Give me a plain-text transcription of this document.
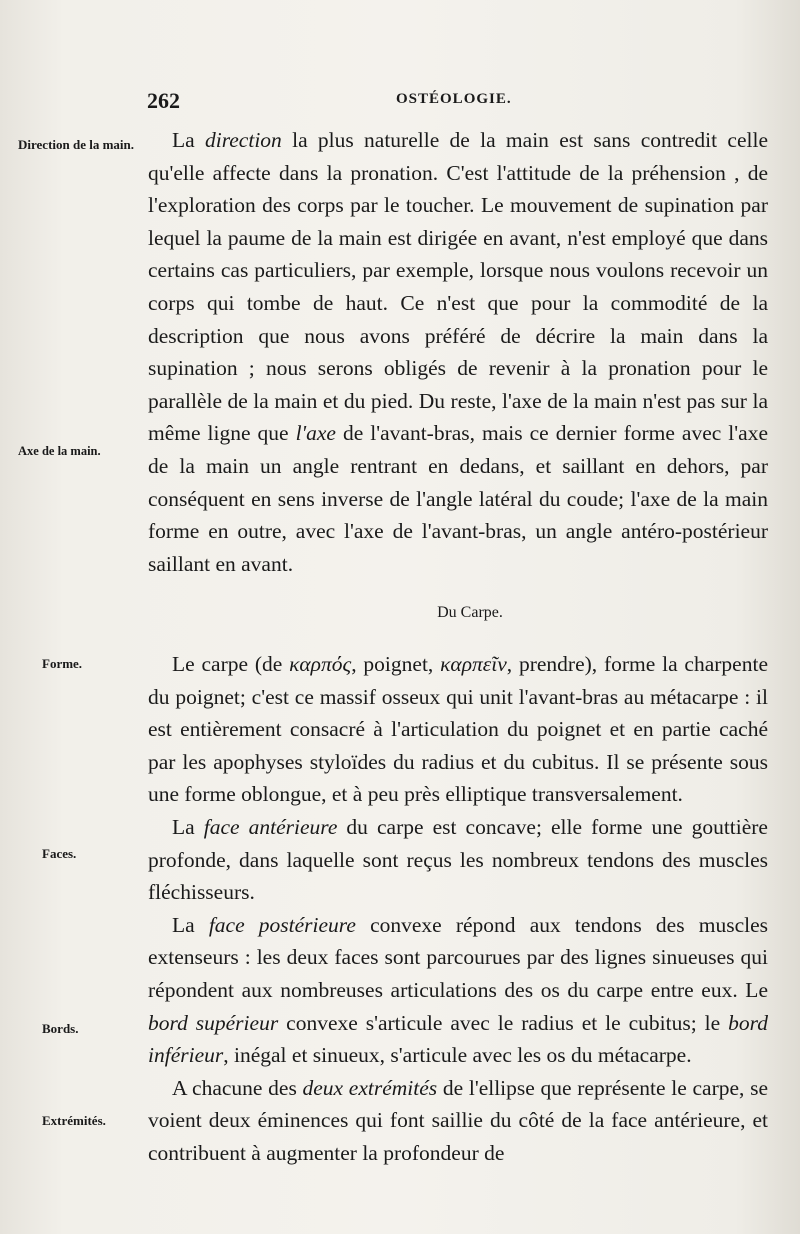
262	OSTÉOLOGIE.
Direction de la main.
Axe de la main.
Forme.
Faces.
Bords.
Extrémités.

La direction la plus naturelle de la main est sans contredit celle qu'elle affecte dans la pronation. C'est l'attitude de la préhension , de l'exploration des corps par le toucher. Le mouvement de supination par lequel la paume de la main est dirigée en avant, n'est employé que dans certains cas particuliers, par exemple, lorsque nous voulons recevoir un corps qui tombe de haut. Ce n'est que pour la commodité de la description que nous avons préféré de décrire la main dans la supination ; nous serons obligés de revenir à la pronation pour le parallèle de la main et du pied. Du reste, l'axe de la main n'est pas sur la même ligne que l'axe de l'avant-bras, mais ce dernier forme avec l'axe de la main un angle rentrant en dedans, et saillant en dehors, par conséquent en sens inverse de l'angle latéral du coude; l'axe de la main forme en outre, avec l'axe de l'avant-bras, un angle antéro-postérieur saillant en avant.

Du Carpe.

Le carpe (de καρπός, poignet, καρπεῖν, prendre), forme la charpente du poignet; c'est ce massif osseux qui unit l'avant-bras au métacarpe : il est entièrement consacré à l'articulation du poignet et en partie caché par les apophyses styloïdes du radius et du cubitus. Il se présente sous une forme oblongue, et à peu près elliptique transversalement.

La face antérieure du carpe est concave; elle forme une gouttière profonde, dans laquelle sont reçus les nombreux tendons des muscles fléchisseurs.

La face postérieure convexe répond aux tendons des muscles extenseurs : les deux faces sont parcourues par des lignes sinueuses qui répondent aux nombreuses articulations des os du carpe entre eux. Le bord supérieur convexe s'articule avec le radius et le cubitus; le bord inférieur, inégal et sinueux, s'articule avec les os du métacarpe.

A chacune des deux extrémités de l'ellipse que représente le carpe, se voient deux éminences qui font saillie du côté de la face antérieure, et contribuent à augmenter la profondeur de
